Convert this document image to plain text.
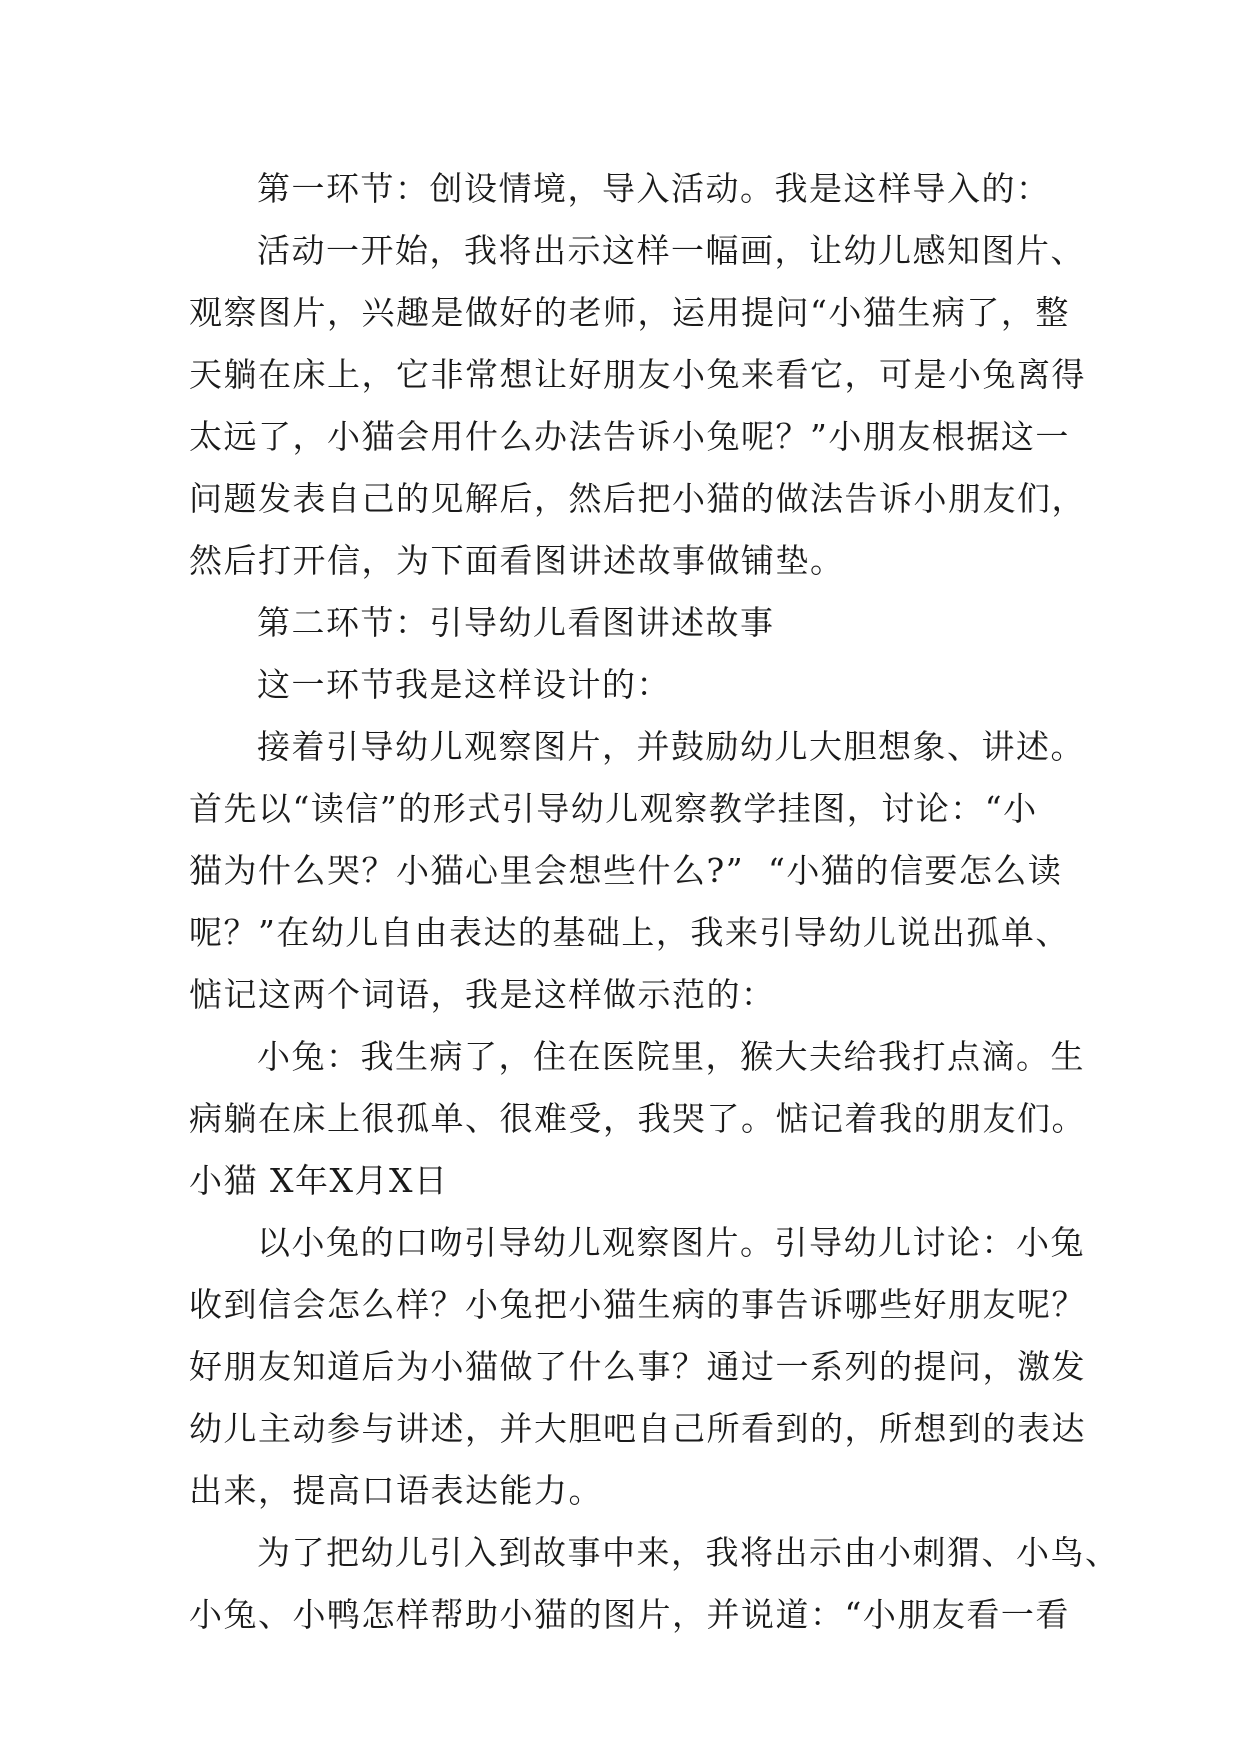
第一环节：创设情境，导入活动。我是这样导入的：
活动一开始，我将出示这样一幅画，让幼儿感知图片、
观察图片，兴趣是做好的老师，运用提问“小猫生病了，整
天躺在床上，它非常想让好朋友小兔来看它，可是小兔离得
太远了，小猫会用什么办法告诉小兔呢？”小朋友根据这一
问题发表自己的见解后，然后把小猫的做法告诉小朋友们，
然后打开信，为下面看图讲述故事做铺垫。
第二环节：引导幼儿看图讲述故事
这一环节我是这样设计的：
接着引导幼儿观察图片，并鼓励幼儿大胆想象、讲述。
首先以“读信”的形式引导幼儿观察教学挂图，讨论：“小
猫为什么哭？小猫心里会想些什么?”  “小猫的信要怎么读
呢？”在幼儿自由表达的基础上，我来引导幼儿说出孤单、
惦记这两个词语，我是这样做示范的：
小兔：我生病了，住在医院里，猴大夫给我打点滴。生
病躺在床上很孤单、很难受，我哭了。惦记着我的朋友们。
小猫 X年X月X日
以小兔的口吻引导幼儿观察图片。引导幼儿讨论：小兔
收到信会怎么样？小兔把小猫生病的事告诉哪些好朋友呢？
好朋友知道后为小猫做了什么事？通过一系列的提问，激发
幼儿主动参与讲述，并大胆吧自己所看到的，所想到的表达
出来，提高口语表达能力。
为了把幼儿引入到故事中来，我将出示由小刺猬、小鸟、
小兔、小鸭怎样帮助小猫的图片，并说道：“小朋友看一看
